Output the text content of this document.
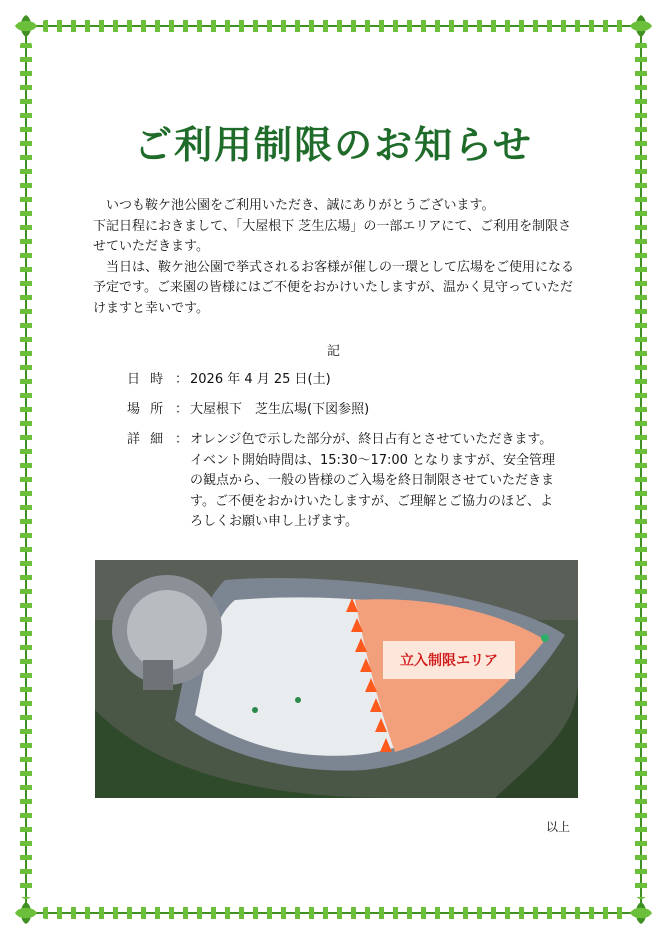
ご利用制限のお知らせ

いつも鞍ケ池公園をご利用いただき、誠にありがとうございます。

下記日程におきまして、「大屋根下 芝生広場」の一部エリアにて、ご利用を制限させていただきます。

当日は、鞍ケ池公園で挙式されるお客様が催しの一環として広場をご使用になる予定です。ご来園の皆様にはご不便をおかけいたしますが、温かく見守っていただけますと幸いです。

記
日 時 ： 2026 年 4 月 25 日(土)
場 所 ： 大屋根下　芝生広場(下図参照)
詳 細 ： オレンジ色で示した部分が、終日占有とさせていただきます。イベント開始時間は、15:30〜17:00 となりますが、安全管理の観点から、一般の皆様のご入場を終日制限させていただきます。ご不便をおかけいたしますが、ご理解とご協力のほど、よろしくお願い申し上げます。
立入制限エリア
以上
